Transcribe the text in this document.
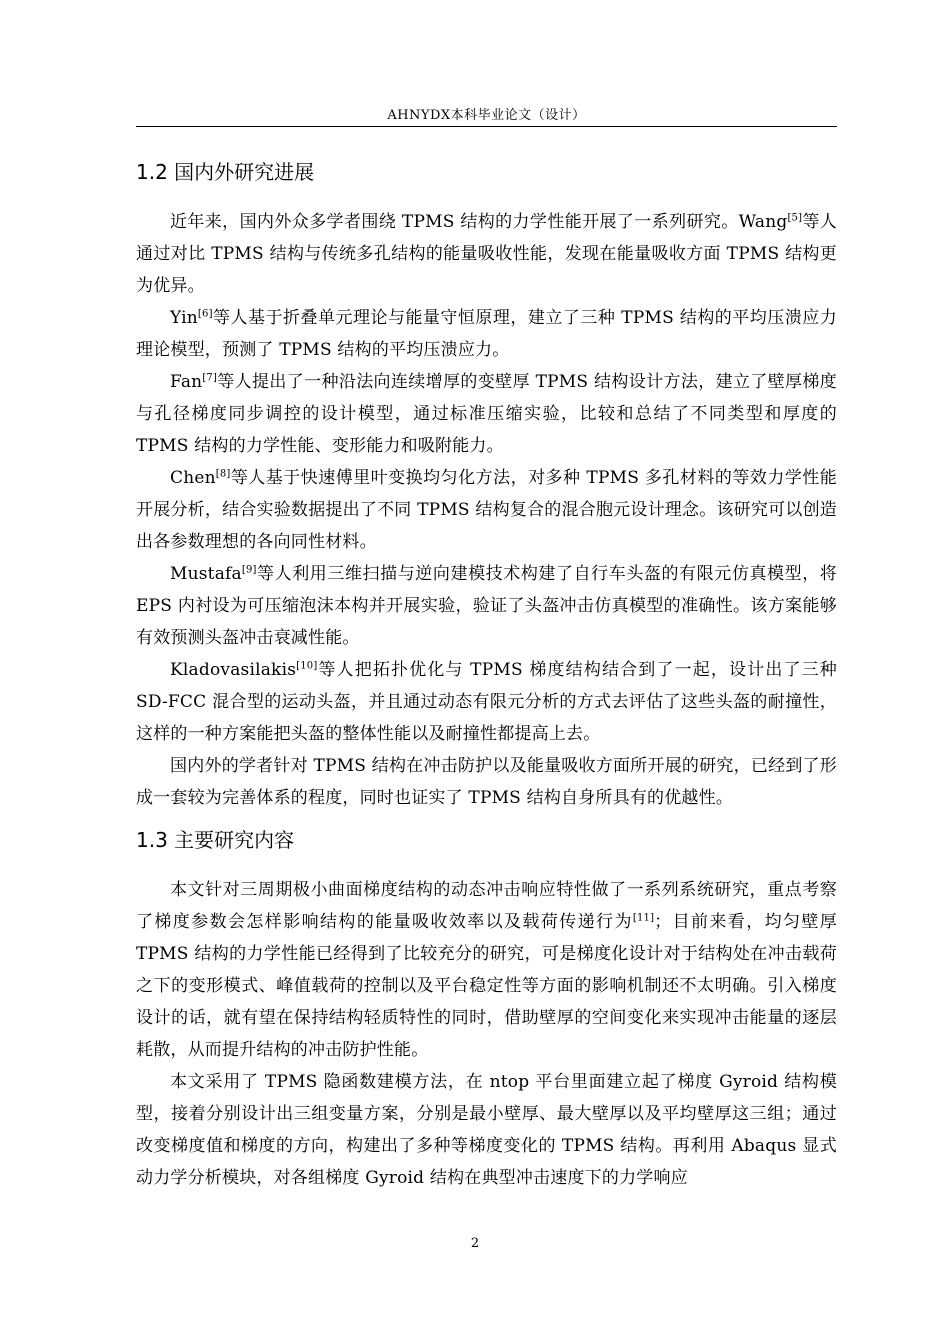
AHNYDX本科毕业论文（设计）
1.2 国内外研究进展

近年来，国内外众多学者围绕 TPMS 结构的力学性能开展了一系列研究。Wang[5]等人通过对比 TPMS 结构与传统多孔结构的能量吸收性能，发现在能量吸收方面 TPMS 结构更为优异。

Yin[6]等人基于折叠单元理论与能量守恒原理，建立了三种 TPMS 结构的平均压溃应力理论模型，预测了 TPMS 结构的平均压溃应力。

Fan[7]等人提出了一种沿法向连续增厚的变壁厚 TPMS 结构设计方法，建立了壁厚梯度与孔径梯度同步调控的设计模型，通过标准压缩实验，比较和总结了不同类型和厚度的 TPMS 结构的力学性能、变形能力和吸附能力。

Chen[8]等人基于快速傅里叶变换均匀化方法，对多种 TPMS 多孔材料的等效力学性能开展分析，结合实验数据提出了不同 TPMS 结构复合的混合胞元设计理念。该研究可以创造出各参数理想的各向同性材料。

Mustafa[9]等人利用三维扫描与逆向建模技术构建了自行车头盔的有限元仿真模型，将 EPS 内衬设为可压缩泡沫本构并开展实验，验证了头盔冲击仿真模型的准确性。该方案能够有效预测头盔冲击衰减性能。

Kladovasilakis[10]等人把拓扑优化与 TPMS 梯度结构结合到了一起，设计出了三种 SD-FCC 混合型的运动头盔，并且通过动态有限元分析的方式去评估了这些头盔的耐撞性，这样的一种方案能把头盔的整体性能以及耐撞性都提高上去。

国内外的学者针对 TPMS 结构在冲击防护以及能量吸收方面所开展的研究，已经到了形成一套较为完善体系的程度，同时也证实了 TPMS 结构自身所具有的优越性。

1.3 主要研究内容

本文针对三周期极小曲面梯度结构的动态冲击响应特性做了一系列系统研究，重点考察了梯度参数会怎样影响结构的能量吸收效率以及载荷传递行为[11]；目前来看，均匀壁厚 TPMS 结构的力学性能已经得到了比较充分的研究，可是梯度化设计对于结构处在冲击载荷之下的变形模式、峰值载荷的控制以及平台稳定性等方面的影响机制还不太明确。引入梯度设计的话，就有望在保持结构轻质特性的同时，借助壁厚的空间变化来实现冲击能量的逐层耗散，从而提升结构的冲击防护性能。

本文采用了 TPMS 隐函数建模方法，在 ntop 平台里面建立起了梯度 Gyroid 结构模型，接着分别设计出三组变量方案，分别是最小壁厚、最大壁厚以及平均壁厚这三组；通过改变梯度值和梯度的方向，构建出了多种等梯度变化的 TPMS 结构。再利用 Abaqus 显式动力学分析模块，对各组梯度 Gyroid 结构在典型冲击速度下的力学响应

2
